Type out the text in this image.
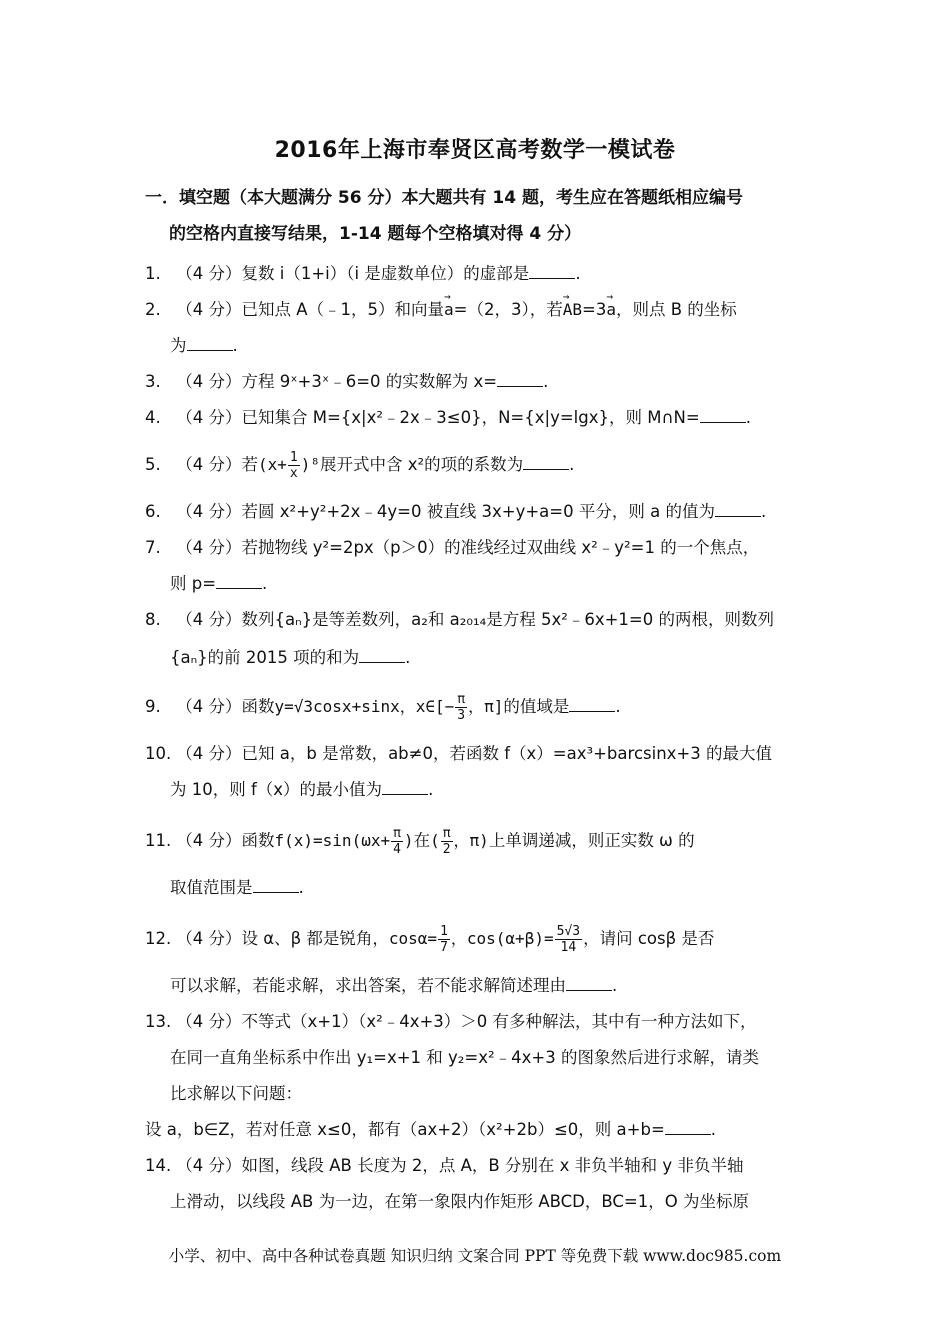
2016年上海市奉贤区高考数学一模试卷
一．填空题（本大题满分 56 分）本大题共有 14 题，考生应在答题纸相应编号
的空格内直接写结果，1-14 题每个空格填对得 4 分）
1. （4 分）复数 i（1+i）（i 是虚数单位）的虚部是	.
2. （4 分）已知点 A（﹣1，5）和向量→ a=（2，3），若→ AB=3→ a，则点 B 的坐标
为	.
3. （4 分）方程 9ˣ+3ˣ﹣6=0 的实数解为 x=	.
4. （4 分）已知集合 M={x|x²﹣2x﹣3≤0}，N={x|y=lgx}，则 M∩N=	.
5. （4 分）若$(x+ \frac{1}{x} )^8$展开式中含 x²的项的系数为	.
6. （4 分）若圆 x²+y²+2x﹣4y=0 被直线 3x+y+a=0 平分，则 a 的值为	.
7. （4 分）若抛物线 y²=2px（p＞0）的准线经过双曲线 x²﹣y²=1 的一个焦点，
则 p=	.
8. （4 分）数列{aₙ}是等差数列，a₂和 a₂₀₁₄是方程 5x²﹣6x+1=0 的两根，则数列
{aₙ}的前 2015 项的和为	.
9. （4 分）函数y=√3cosx+sinx，x∈[− $\frac{\pi}{3}$ ，π]的值域是	.
10. （4 分）已知 a，b 是常数，ab≠0，若函数 f（x）=ax³+barcsinx+3 的最大值
为 10，则 f（x）的最小值为	.
11. （4 分）函数$f(x)=\sin(\omega x+ \frac{\pi}{4}$ )在( $\frac{\pi}{2}$ ，π)上单调递减，则正实数 ω 的
取值范围是	.
12. （4 分）设 α、β 都是锐角，$\cos\alpha= \frac{1}{7}$ ，$\cos(\alpha+\beta)= \frac{5√3}{14}$ ，请问 cosβ 是否
可以求解，若能求解，求出答案，若不能求解简述理由	.
13. （4 分）不等式（x+1）（x²﹣4x+3）＞0 有多种解法，其中有一种方法如下，
在同一直角坐标系中作出 y₁=x+1 和 y₂=x²﹣4x+3 的图象然后进行求解，请类
比求解以下问题：
设 a，b∈Z，若对任意 x≤0，都有（ax+2）（x²+2b）≤0，则 a+b=	.
14. （4 分）如图，线段 AB 长度为 2，点 A，B 分别在 x 非负半轴和 y 非负半轴
上滑动，以线段 AB 为一边，在第一象限内作矩形 ABCD，BC=1，O 为坐标原
小学、初中、高中各种试卷真题 知识归纳 文案合同 PPT 等免费下载 www.doc985.com
